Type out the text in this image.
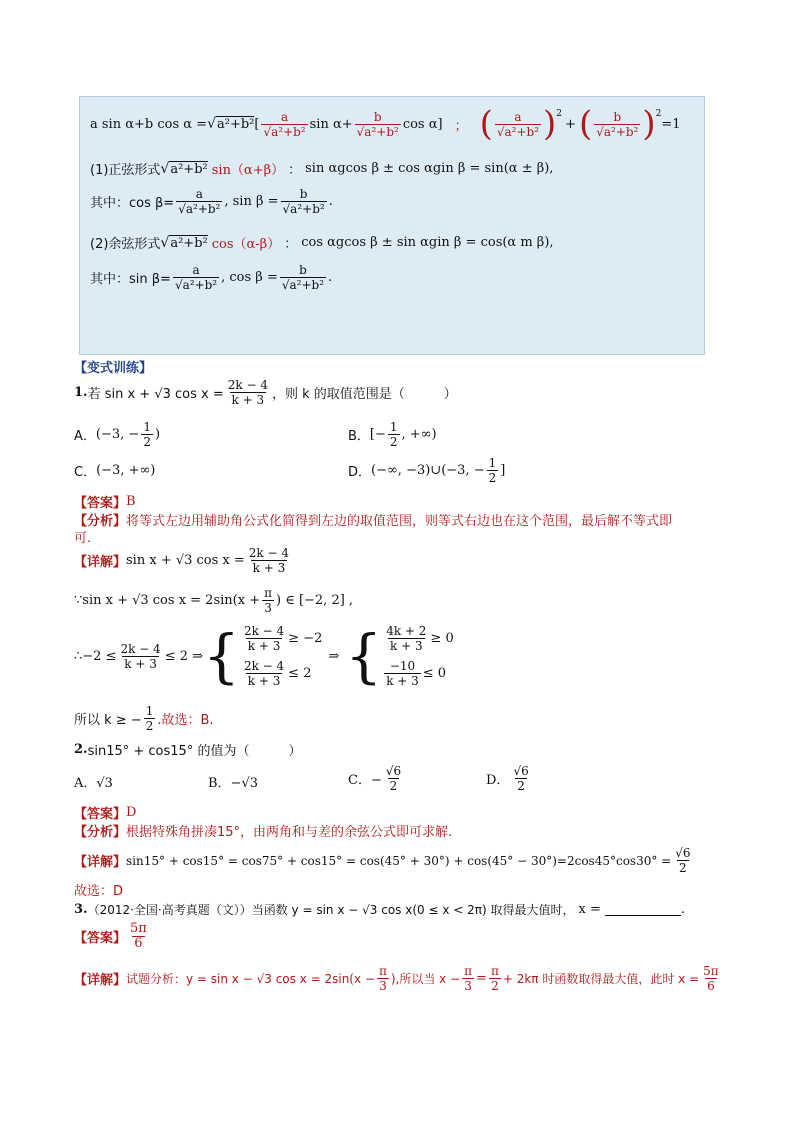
a sin α+b cos α = √ a²+b² [ $\frac{a}{\text{√a²+b²}}$ $\sin \alpha+ \frac{b}{\text{√a²+b²}}$ cos α] ； ( $\frac{a}{\text{√a²+b²}}$ ) 2
+ ( $\frac{b}{\text{√a²+b²}}$ ) 2
=1
(1)正弦形式 √ a²+b² sin（α+β） ： sin αgcos β ± cos αgin β = sin(α ± β),
其中：$\cos \beta= \frac{a}{\text{√a²+b²}}$ , $\sin \beta = \frac{b}{\text{√a²+b²}}$ .
(2)余弦形式 √ a²+b² cos（α-β） ： cos αgcos β ± sin αgin β = cos(α m β),
其中：$\sin \beta= \frac{a}{\text{√a²+b²}}$ , $\cos \beta = \frac{b}{\text{√a²+b²}}$ .
【变式训练】
1. 若 sin x + √3 $\cos x = \frac{2k - 4}{k + 3}$ ，则 k 的取值范围是（　　　）
A． (−3, − $\frac{1}{2}$ )	B． [− $\frac{1}{2}$ , +∞)
C． (−3, +∞)	D． (−∞, −3)∪(−3, − $\frac{1}{2}$ ]
【答案】 B
【分析】 将等式左边用辅助角公式化简得到左边的取值范围，则等式右边也在这个范围，最后解不等式即
可.
【详解】 sin x + √3 $\cos x = \frac{2k - 4}{k + 3}$
∵sin x + √3 $\cos x = 2\sin(x + \frac{\pi}{3}$ ) ∈ [−2, 2] ,
∴−2 ≤ $\frac{2k - 4}{k + 3} \le 2$ ⇒ { $\frac{2k - 4}{k + 3} \ge -2$
$\frac{2k - 4}{k + 3} \le 2$
⇒ { $\frac{4k + 2}{k + 3} \ge 0$
$\frac{-10}{k + 3} \le 0$
所以 k ≥ − $\frac{1}{2}$ .故选：B.
2. sin15° + cos15° 的值为（　　　）
A．√3	B．−√3	C．− $\frac{√6}{2}$	D． $\frac{√6}{2}$
【答案】 D
【分析】 根据特殊角拼凑15°，由两角和与差的余弦公式即可求解.
【详解】 $\sin 15^\circ + \cos 15^\circ = \cos 75^\circ + \cos 15^\circ = \cos(45^\circ + 30^\circ) + \cos(45^\circ - 30^\circ)=2\cos 45^\circ\cos 30^\circ = \frac{√6}{2}$
故选：D
3. （2012·全国·高考真题（文））当函数 y = sin x − √3 cos x(0 ≤ x < 2π) 取得最大值时， x =	.
【答案】 $\frac{5\pi}{6}$
【详解】 试题分析：y = sin x − √3 $\cos x = 2\sin(x - \frac{\pi}{3}$ ),所以当 $x - \frac{\pi}{3} = \frac{\pi}{2} + 2k\pi$ 时函数取得最大值，此时 $x = \frac{5\pi}{6}$
